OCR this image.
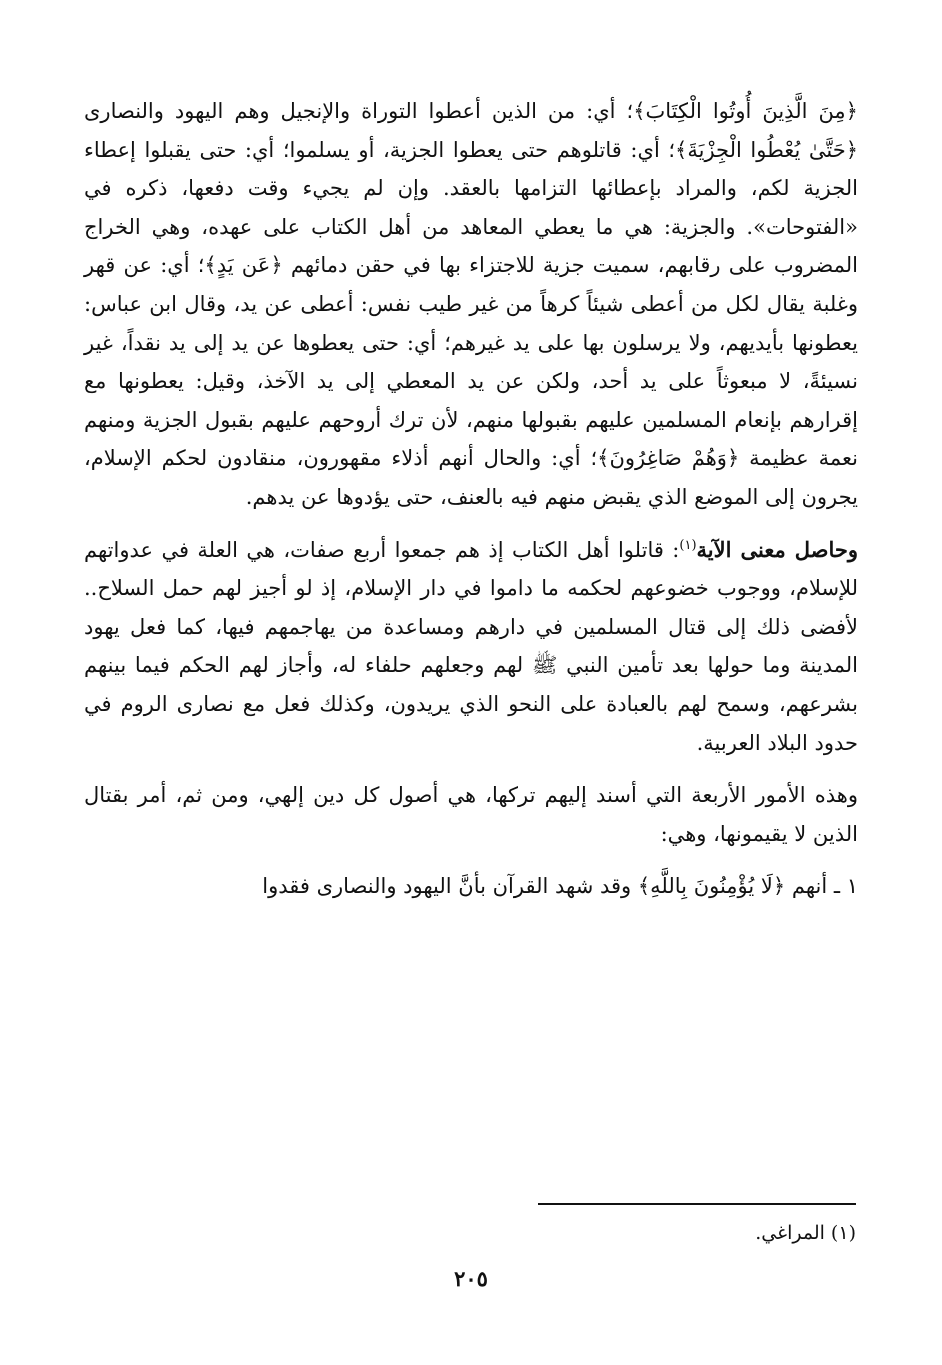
﴿مِنَ الَّذِينَ أُوتُوا الْكِتَابَ﴾؛ أي: من الذين أعطوا التوراة والإنجيل وهم اليهود والنصارى ﴿حَتَّىٰ يُعْطُوا الْجِزْيَةَ﴾؛ أي: قاتلوهم حتى يعطوا الجزية، أو يسلموا؛ أي: حتى يقبلوا إعطاء الجزية لكم، والمراد بإعطائها التزامها بالعقد. وإن لم يجيء وقت دفعها، ذكره في «الفتوحات». والجزية: هي ما يعطي المعاهد من أهل الكتاب على عهده، وهي الخراج المضروب على رقابهم، سميت جزية للاجتزاء بها في حقن دمائهم ﴿عَن يَدٍ﴾؛ أي: عن قهر وغلبة يقال لكل من أعطى شيئاً كرهاً من غير طيب نفس: أعطى عن يد، وقال ابن عباس: يعطونها بأيديهم، ولا يرسلون بها على يد غيرهم؛ أي: حتى يعطوها عن يد إلى يد نقداً، غير نسيئةً، لا مبعوثاً على يد أحد، ولكن عن يد المعطي إلى يد الآخذ، وقيل: يعطونها مع إقرارهم بإنعام المسلمين عليهم بقبولها منهم، لأن ترك أروحهم عليهم بقبول الجزية ومنهم نعمة عظيمة ﴿وَهُمْ صَاغِرُونَ﴾؛ أي: والحال أنهم أذلاء مقهورون، منقادون لحكم الإسلام، يجرون إلى الموضع الذي يقبض منهم فيه بالعنف، حتى يؤدوها عن يدهم.

وحاصل معنى الآية$^{(١)}$: قاتلوا أهل الكتاب إذ هم جمعوا أربع صفات، هي العلة في عدواتهم للإسلام، ووجوب خضوعهم لحكمه ما داموا في دار الإسلام، إذ لو أجيز لهم حمل السلاح.. لأفضى ذلك إلى قتال المسلمين في دارهم ومساعدة من يهاجمهم فيها، كما فعل يهود المدينة وما حولها بعد تأمين النبي ﷺ لهم وجعلهم حلفاء له، وأجاز لهم الحكم فيما بينهم بشرعهم، وسمح لهم بالعبادة على النحو الذي يريدون، وكذلك فعل مع نصارى الروم في حدود البلاد العربية.

وهذه الأمور الأربعة التي أسند إليهم تركها، هي أصول كل دين إلهي، ومن ثم، أمر بقتال الذين لا يقيمونها، وهي:

١ ـ أنهم ﴿لَا يُؤْمِنُونَ بِاللَّهِ﴾ وقد شهد القرآن بأنَّ اليهود والنصارى فقدوا

(١) المراغي.
٢٠٥
